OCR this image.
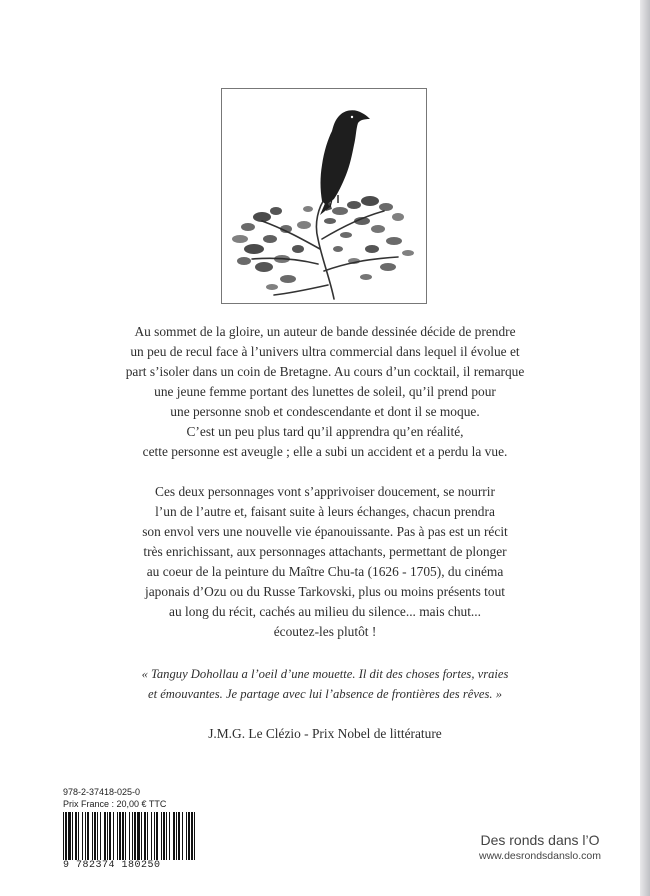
Au sommet de la gloire, un auteur de bande dessinée décide de prendre

un peu de recul face à l’univers ultra commercial dans lequel il évolue et

part s’isoler dans un coin de Bretagne. Au cours d’un cocktail, il remarque

une jeune femme portant des lunettes de soleil, qu’il prend pour

une personne snob et condescendante et dont il se moque.

C’est un peu plus tard qu’il apprendra qu’en réalité,

cette personne est aveugle ; elle a subi un accident et a perdu la vue.

Ces deux personnages vont s’apprivoiser doucement, se nourrir

l’un de l’autre et, faisant suite à leurs échanges, chacun prendra

son envol vers une nouvelle vie épanouissante. Pas à pas est un récit

très enrichissant, aux personnages attachants, permettant de plonger

au coeur de la peinture du Maître Chu-ta (1626 - 1705), du cinéma

japonais d’Ozu ou du Russe Tarkovski, plus ou moins présents tout

au long du récit, cachés au milieu du silence... mais chut...

écoutez-les plutôt !

« Tanguy Dohollau a l’oeil d’une mouette. Il dit des choses fortes, vraies

et émouvantes. Je partage avec lui l’absence de frontières des rêves. »

J.M.G. Le Clézio - Prix Nobel de littérature
978-2-37418-025-0
Prix France : 20,00 € TTC
9 782374 180250
Des ronds dans l’O
www.desrondsdanslo.com
